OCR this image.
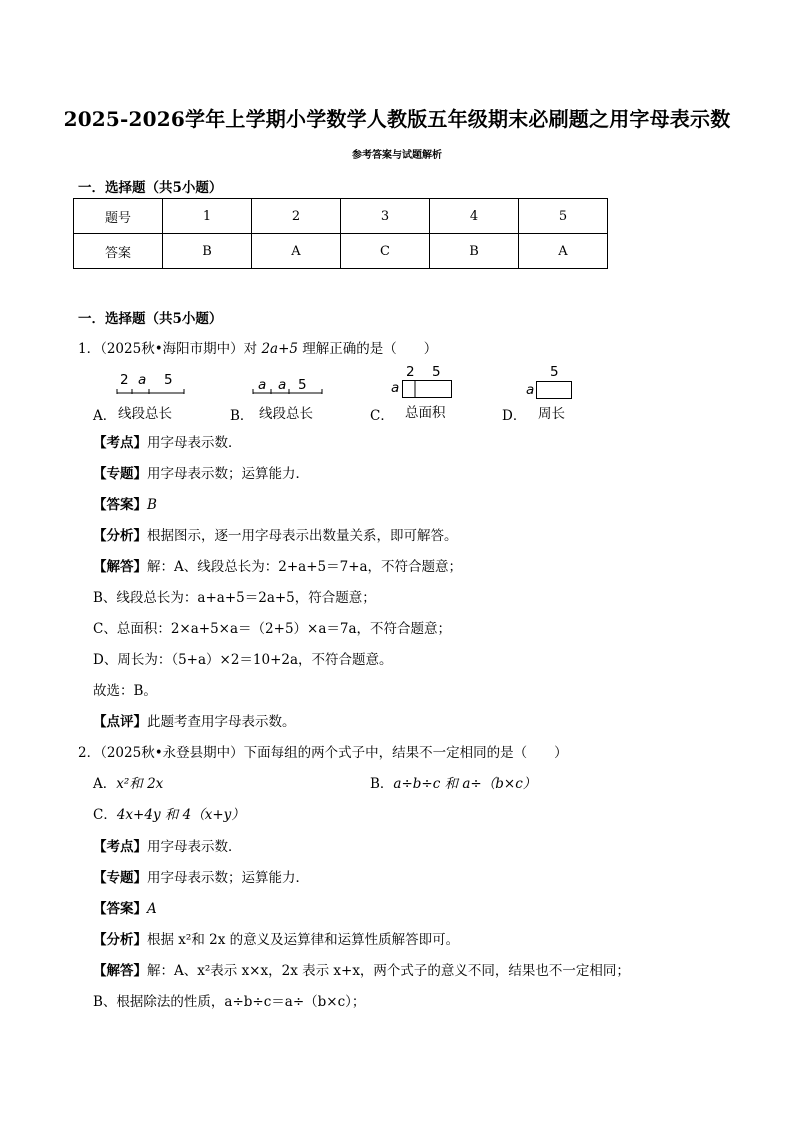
2025-2026学年上学期小学数学人教版五年级期末必刷题之用字母表示数
参考答案与试题解析
一．选择题（共5小题）
题号	1	2	3	4	5
答案	B	A	C	B	A
一．选择题（共5小题）
1．（2025秋•海阳市期中）对 2a+5 理解正确的是（　　）
A．
2 a 5
线段总长	B．
a a 5
线段总长	C．
2 5
a
总面积	D．
5
a
周长
【考点】用字母表示数．
【专题】用字母表示数；运算能力．
【答案】B
【分析】根据图示，逐一用字母表示出数量关系，即可解答。
【解答】解：A、线段总长为：2+a+5＝7+a，不符合题意；
B、线段总长为：a+a+5＝2a+5，符合题意；
C、总面积：2×a+5×a＝（2+5）×a＝7a，不符合题意；
D、周长为：（5+a）×2＝10+2a，不符合题意。
故选：B。
【点评】此题考查用字母表示数。
2．（2025秋•永登县期中）下面每组的两个式子中，结果不一定相同的是（　　）
A．x²和 2x	B．a÷b÷c 和 a÷（b×c）
C．4x+4y 和 4（x+y）
【考点】用字母表示数．
【专题】用字母表示数；运算能力．
【答案】A
【分析】根据 x²和 2x 的意义及运算律和运算性质解答即可。
【解答】解：A、x²表示 x×x，2x 表示 x+x，两个式子的意义不同，结果也不一定相同；
B、根据除法的性质，a÷b÷c＝a÷（b×c）；
